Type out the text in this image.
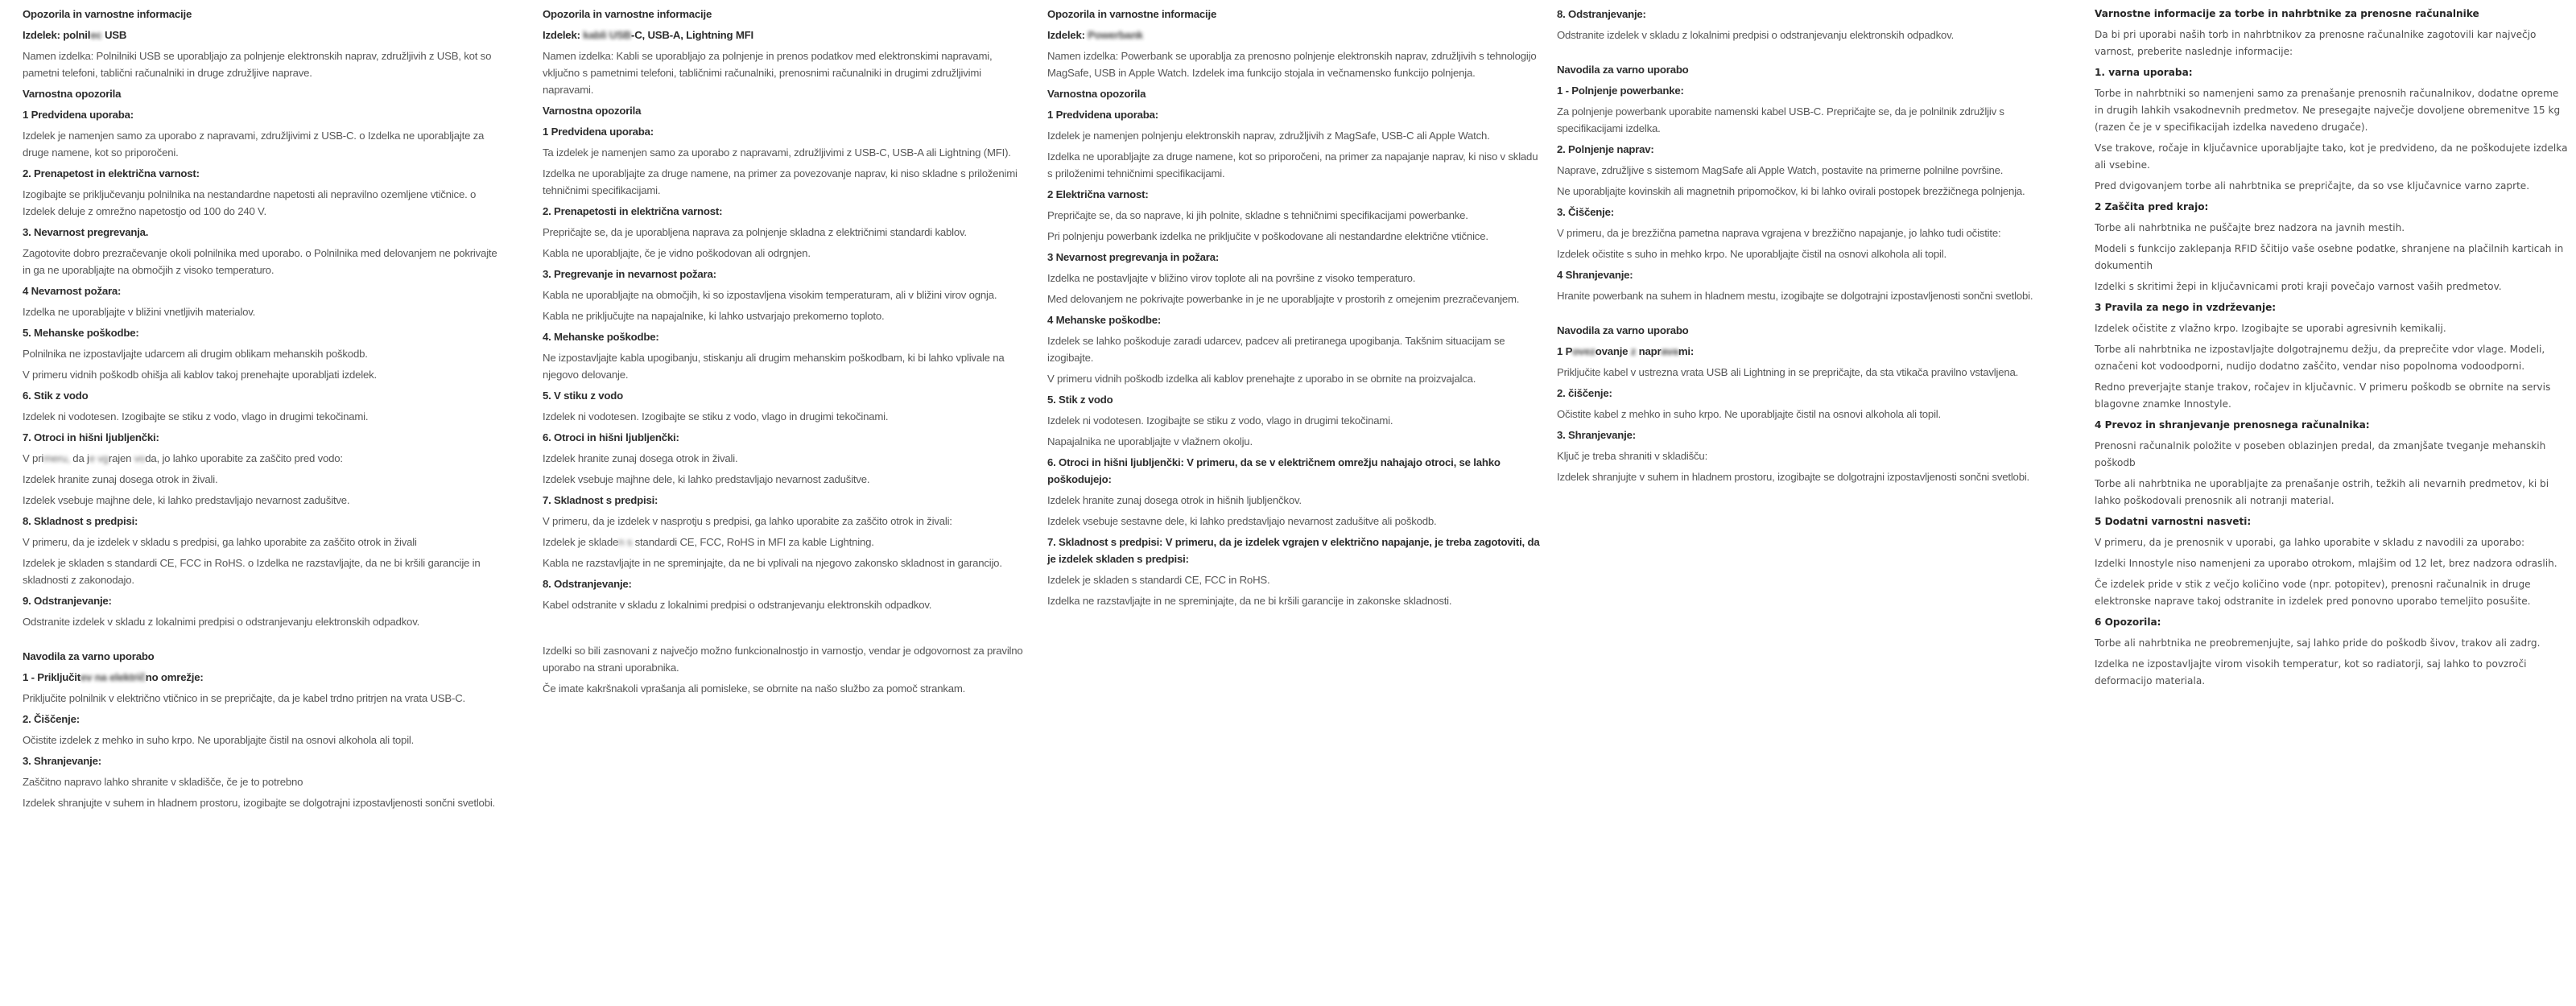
Opozorila in varnostne informacije
Izdelek: polnilec USB
Namen izdelka: Polnilniki USB se uporabljajo za polnjenje elektronskih naprav, združljivih z USB, kot so pametni telefoni, tablični računalniki in druge združljive naprave.
Varnostna opozorila
1 Predvidena uporaba:
Izdelek je namenjen samo za uporabo z napravami, združljivimi z USB-C. o Izdelka ne uporabljajte za druge namene, kot so priporočeni.
2. Prenapetost in električna varnost:
Izogibajte se priključevanju polnilnika na nestandardne napetosti ali nepravilno ozemljene vtičnice. o Izdelek deluje z omrežno napetostjo od 100 do 240 V.
3. Nevarnost pregrevanja.
Zagotovite dobro prezračevanje okoli polnilnika med uporabo. o Polnilnika med delovanjem ne pokrivajte in ga ne uporabljajte na območjih z visoko temperaturo.
4 Nevarnost požara:
Izdelka ne uporabljajte v bližini vnetljivih materialov.
5. Mehanske poškodbe:
Polnilnika ne izpostavljajte udarcem ali drugim oblikam mehanskih poškodb.
V primeru vidnih poškodb ohišja ali kablov takoj prenehajte uporabljati izdelek.
6. Stik z vodo
Izdelek ni vodotesen. Izogibajte se stiku z vodo, vlago in drugimi tekočinami.
7. Otroci in hišni ljubljenčki:
V primeru, da je vgrajen voda, jo lahko uporabite za zaščito pred vodo:
Izdelek hranite zunaj dosega otrok in živali.
Izdelek vsebuje majhne dele, ki lahko predstavljajo nevarnost zadušitve.
8. Skladnost s predpisi:
V primeru, da je izdelek v skladu s predpisi, ga lahko uporabite za zaščito otrok in živali
Izdelek je skladen s standardi CE, FCC in RoHS. o Izdelka ne razstavljajte, da ne bi kršili garancije in skladnosti z zakonodajo.
9. Odstranjevanje:
Odstranite izdelek v skladu z lokalnimi predpisi o odstranjevanju elektronskih odpadkov.
Navodila za varno uporabo
1 - Priključitev na električno omrežje:
Priključite polnilnik v električno vtičnico in se prepričajte, da je kabel trdno pritrjen na vrata USB-C.
2. Čiščenje:
Očistite izdelek z mehko in suho krpo. Ne uporabljajte čistil na osnovi alkohola ali topil.
3. Shranjevanje:
Zaščitno napravo lahko shranite v skladišče, če je to potrebno
Izdelek shranjujte v suhem in hladnem prostoru, izogibajte se dolgotrajni izpostavljenosti sončni svetlobi.
Opozorila in varnostne informacije
Izdelek: kabli USB-C, USB-A, Lightning MFI
Namen izdelka: Kabli se uporabljajo za polnjenje in prenos podatkov med elektronskimi napravami, vključno s pametnimi telefoni, tabličnimi računalniki, prenosnimi računalniki in drugimi združljivimi napravami.
Varnostna opozorila
1 Predvidena uporaba:
Ta izdelek je namenjen samo za uporabo z napravami, združljivimi z USB-C, USB-A ali Lightning (MFI).
Izdelka ne uporabljajte za druge namene, na primer za povezovanje naprav, ki niso skladne s priloženimi tehničnimi specifikacijami.
2. Prenapetosti in električna varnost:
Prepričajte se, da je uporabljena naprava za polnjenje skladna z električnimi standardi kablov.
Kabla ne uporabljajte, če je vidno poškodovan ali odrgnjen.
3. Pregrevanje in nevarnost požara:
Kabla ne uporabljajte na območjih, ki so izpostavljena visokim temperaturam, ali v bližini virov ognja.
Kabla ne priključujte na napajalnike, ki lahko ustvarjajo prekomerno toploto.
4. Mehanske poškodbe:
Ne izpostavljajte kabla upogibanju, stiskanju ali drugim mehanskim poškodbam, ki bi lahko vplivale na njegovo delovanje.
5. V stiku z vodo
Izdelek ni vodotesen. Izogibajte se stiku z vodo, vlago in drugimi tekočinami.
6. Otroci in hišni ljubljenčki:
Izdelek hranite zunaj dosega otrok in živali.
Izdelek vsebuje majhne dele, ki lahko predstavljajo nevarnost zadušitve.
7. Skladnost s predpisi:
V primeru, da je izdelek v nasprotju s predpisi, ga lahko uporabite za zaščito otrok in živali:
Izdelek je skladen s standardi CE, FCC, RoHS in MFI za kable Lightning.
Kabla ne razstavljajte in ne spreminjajte, da ne bi vplivali na njegovo zakonsko skladnost in garancijo.
8. Odstranjevanje:
Kabel odstranite v skladu z lokalnimi predpisi o odstranjevanju elektronskih odpadkov.
Izdelki so bili zasnovani z največjo možno funkcionalnostjo in varnostjo, vendar je odgovornost za pravilno uporabo na strani uporabnika.
Če imate kakršnakoli vprašanja ali pomisleke, se obrnite na našo službo za pomoč strankam.
Opozorila in varnostne informacije
Izdelek: Powerbank
Namen izdelka: Powerbank se uporablja za prenosno polnjenje elektronskih naprav, združljivih s tehnologijo MagSafe, USB in Apple Watch. Izdelek ima funkcijo stojala in večnamensko funkcijo polnjenja.
Varnostna opozorila
1 Predvidena uporaba:
Izdelek je namenjen polnjenju elektronskih naprav, združljivih z MagSafe, USB-C ali Apple Watch.
Izdelka ne uporabljajte za druge namene, kot so priporočeni, na primer za napajanje naprav, ki niso v skladu s priloženimi tehničnimi specifikacijami.
2 Električna varnost:
Prepričajte se, da so naprave, ki jih polnite, skladne s tehničnimi specifikacijami powerbanke.
Pri polnjenju powerbank izdelka ne priključite v poškodovane ali nestandardne električne vtičnice.
3 Nevarnost pregrevanja in požara:
Izdelka ne postavljajte v bližino virov toplote ali na površine z visoko temperaturo.
Med delovanjem ne pokrivajte powerbanke in je ne uporabljajte v prostorih z omejenim prezračevanjem.
4 Mehanske poškodbe:
Izdelek se lahko poškoduje zaradi udarcev, padcev ali pretiranega upogibanja. Takšnim situacijam se izogibajte.
V primeru vidnih poškodb izdelka ali kablov prenehajte z uporabo in se obrnite na proizvajalca.
5. Stik z vodo
Izdelek ni vodotesen. Izogibajte se stiku z vodo, vlago in drugimi tekočinami.
Napajalnika ne uporabljajte v vlažnem okolju.
6. Otroci in hišni ljubljenčki: V primeru, da se v električnem omrežju nahajajo otroci, se lahko poškodujejo:
Izdelek hranite zunaj dosega otrok in hišnih ljubljenčkov.
Izdelek vsebuje sestavne dele, ki lahko predstavljajo nevarnost zadušitve ali poškodb.
7. Skladnost s predpisi: V primeru, da je izdelek vgrajen v električno napajanje, je treba zagotoviti, da je izdelek skladen s predpisi:
Izdelek je skladen s standardi CE, FCC in RoHS.
Izdelka ne razstavljajte in ne spreminjajte, da ne bi kršili garancije in zakonske skladnosti.
8. Odstranjevanje:
Odstranite izdelek v skladu z lokalnimi predpisi o odstranjevanju elektronskih odpadkov.
Navodila za varno uporabo
1 - Polnjenje powerbanke:
Za polnjenje powerbank uporabite namenski kabel USB-C. Prepričajte se, da je polnilnik združljiv s specifikacijami izdelka.
2. Polnjenje naprav:
Naprave, združljive s sistemom MagSafe ali Apple Watch, postavite na primerne polnilne površine.
Ne uporabljajte kovinskih ali magnetnih pripomočkov, ki bi lahko ovirali postopek brezžičnega polnjenja.
3. Čiščenje:
V primeru, da je brezžična pametna naprava vgrajena v brezžično napajanje, jo lahko tudi očistite:
Izdelek očistite s suho in mehko krpo. Ne uporabljajte čistil na osnovi alkohola ali topil.
4 Shranjevanje:
Hranite powerbank na suhem in hladnem mestu, izogibajte se dolgotrajni izpostavljenosti sončni svetlobi.
Navodila za varno uporabo
1 Povezovanje z napravami:
Priključite kabel v ustrezna vrata USB ali Lightning in se prepričajte, da sta vtikača pravilno vstavljena.
2. čiščenje:
Očistite kabel z mehko in suho krpo. Ne uporabljajte čistil na osnovi alkohola ali topil.
3. Shranjevanje:
Ključ je treba shraniti v skladišču:
Izdelek shranjujte v suhem in hladnem prostoru, izogibajte se dolgotrajni izpostavljenosti sončni svetlobi.
Varnostne informacije za torbe in nahrbtnike za prenosne računalnike
Da bi pri uporabi naših torb in nahrbtnikov za prenosne računalnike zagotovili kar največjo varnost, preberite naslednje informacije:
1. varna uporaba:
Torbe in nahrbtniki so namenjeni samo za prenašanje prenosnih računalnikov, dodatne opreme in drugih lahkih vsakodnevnih predmetov. Ne presegajte največje dovoljene obremenitve 15 kg (razen če je v specifikacijah izdelka navedeno drugače).
Vse trakove, ročaje in ključavnice uporabljajte tako, kot je predvideno, da ne poškodujete izdelka ali vsebine.
Pred dvigovanjem torbe ali nahrbtnika se prepričajte, da so vse ključavnice varno zaprte.
2 Zaščita pred krajo:
Torbe ali nahrbtnika ne puščajte brez nadzora na javnih mestih.
Modeli s funkcijo zaklepanja RFID ščitijo vaše osebne podatke, shranjene na plačilnih karticah in dokumentih
Izdelki s skritimi žepi in ključavnicami proti kraji povečajo varnost vaših predmetov.
3 Pravila za nego in vzdrževanje:
Izdelek očistite z vlažno krpo. Izogibajte se uporabi agresivnih kemikalij.
Torbe ali nahrbtnika ne izpostavljajte dolgotrajnemu dežju, da preprečite vdor vlage. Modeli, označeni kot vodoodporni, nudijo dodatno zaščito, vendar niso popolnoma vodoodporni.
Redno preverjajte stanje trakov, ročajev in ključavnic. V primeru poškodb se obrnite na servis blagovne znamke Innostyle.
4 Prevoz in shranjevanje prenosnega računalnika:
Prenosni računalnik položite v poseben oblazinjen predal, da zmanjšate tveganje mehanskih poškodb
Torbe ali nahrbtnika ne uporabljajte za prenašanje ostrih, težkih ali nevarnih predmetov, ki bi lahko poškodovali prenosnik ali notranji material.
5 Dodatni varnostni nasveti:
V primeru, da je prenosnik v uporabi, ga lahko uporabite v skladu z navodili za uporabo:
Izdelki Innostyle niso namenjeni za uporabo otrokom, mlajšim od 12 let, brez nadzora odraslih.
Če izdelek pride v stik z večjo količino vode (npr. potopitev), prenosni računalnik in druge elektronske naprave takoj odstranite in izdelek pred ponovno uporabo temeljito posušite.
6 Opozorila:
Torbe ali nahrbtnika ne preobremenjujte, saj lahko pride do poškodb šivov, trakov ali zadrg.
Izdelka ne izpostavljajte virom visokih temperatur, kot so radiatorji, saj lahko to povzroči deformacijo materiala.
